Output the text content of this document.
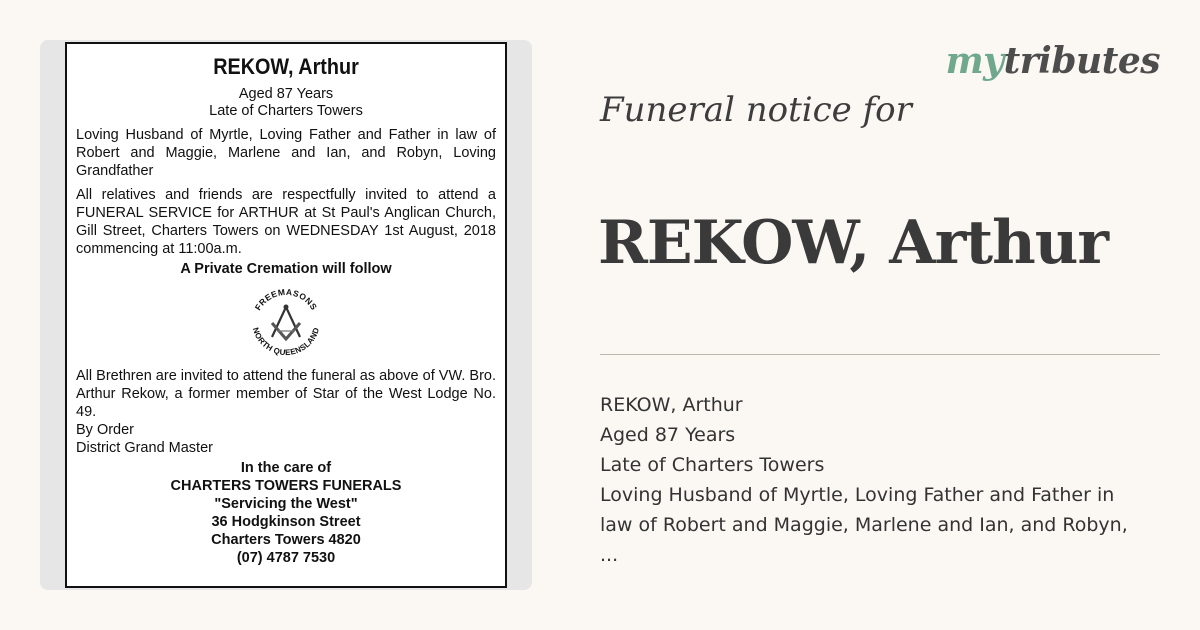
REKOW, Arthur
Aged 87 Years
Late of Charters Towers
Loving Husband of Myrtle, Loving Father and Father in law of Robert and Maggie, Marlene and Ian, and Robyn, Loving Grandfather
All relatives and friends are respectfully invited to attend a FUNERAL SERVICE for ARTHUR at St Paul's Anglican Church, Gill Street, Charters Towers on WEDNESDAY 1st August, 2018 commencing at 11:00a.m.
A Private Cremation will follow
FREEMASONS
NORTH QUEENSLAND
All Brethren are invited to attend the funeral as above of VW. Bro. Arthur Rekow, a former member of Star of the West Lodge No. 49.
By Order
District Grand Master
In the care of
CHARTERS TOWERS FUNERALS
"Servicing the West"
36 Hodgkinson Street
Charters Towers 4820
(07) 4787 7530
mytributes
Funeral notice for
REKOW, Arthur
REKOW, Arthur
Aged 87 Years
Late of Charters Towers
Loving Husband of Myrtle, Loving Father and Father in
law of Robert and Maggie, Marlene and Ian, and Robyn,
...
